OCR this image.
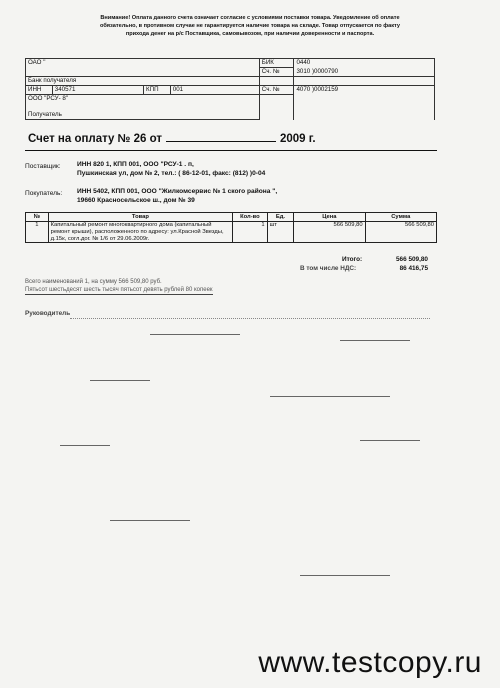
Внимание! Оплата данного счета означает согласие с условиями поставки товара. Уведомление об оплате
обязательно, в противном случае не гарантируется наличие товара на складе. Товар отпускается по факту
прихода денег на р/с Поставщика, самовывозом, при наличии доверенности и паспорта.
ОАО "				БИК	0440
				Сч. №	3010 )0000790
Банк получателя					
ИНН	340571	КПП	001	Сч. №	4070 )0002159
ООО "РСУ- 8"					

Получатель					
Счет на оплату № 26 от	2009 г.
Поставщик: ИНН 820 1, КПП 001, ООО "РСУ-1 . п,
Пушкинская ул, дом № 2, тел.: ( 86-12-01, факс: (812) )0-04
Покупатель: ИНН 5402, КПП 001, ООО "Жилкомсервис № 1 ского района ",
19660 Красносельское ш., дом № 39
№	Товар	Кол-во	Ед.	Цена	Сумма
1	Капитальный ремонт многоквартирного дома (капитальный ремонт крыши), расположенного по адресу: ул.Красной Звезды, д.15к, согл.дог. № 1/6 от 29.06.2009г.	1	шт	566 509,80	566 509,80
Итого:	566 509,80
В том числе НДС:	86 416,75
Всего наименований 1, на сумму 566 509,80 руб.
Пятьсот шестьдесят шесть тысяч пятьсот девять рублей 80 копеек
Руководитель
www.testcopy.ru
